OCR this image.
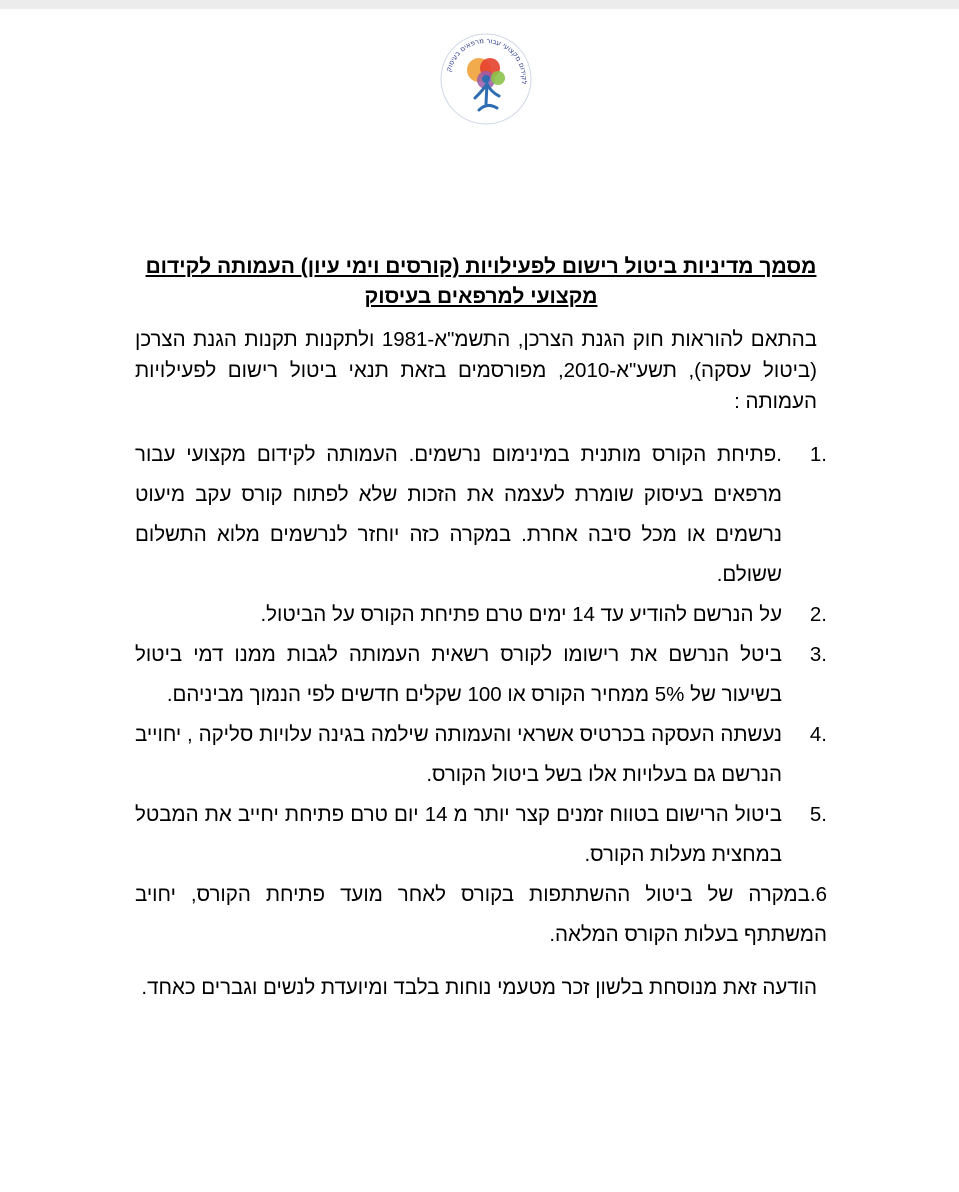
לקידום מקצועי עבור מרפאים בעיסוק
מסמך מדיניות ביטול רישום לפעילויות (קורסים וימי עיון) העמותה לקידום
מקצועי למרפאים בעיסוק

בהתאם להוראות חוק הגנת הצרכן, התשמ"א-1981 ולתקנות תקנות הגנת הצרכן (ביטול עסקה), תשע"א-2010, מפורסמים בזאת תנאי ביטול רישום לפעילויות העמותה :

1.
.פתיחת הקורס מותנית במינימום נרשמים. העמותה לקידום מקצועי עבור מרפאים בעיסוק שומרת לעצמה את הזכות שלא לפתוח קורס עקב מיעוט נרשמים או מכל סיבה אחרת. במקרה כזה יוחזר לנרשמים מלוא התשלום ששולם.
2.
על הנרשם להודיע עד 14 ימים טרם פתיחת הקורס על הביטול.
3.
ביטל הנרשם את רישומו לקורס רשאית העמותה לגבות ממנו דמי ביטול בשיעור של 5% ממחיר הקורס או 100 שקלים חדשים לפי הנמוך מביניהם.
4.
נעשתה העסקה בכרטיס אשראי והעמותה שילמה בגינה עלויות סליקה , יחוייב הנרשם גם בעלויות אלו בשל ביטול הקורס.
5.
ביטול הרישום בטווח זמנים קצר יותר מ 14 יום טרם פתיחת יחייב את המבטל במחצית מעלות הקורס.
6.במקרה של ביטול ההשתתפות בקורס לאחר מועד פתיחת הקורס, יחויב המשתתף בעלות הקורס המלאה.

הודעה זאת מנוסחת בלשון זכר מטעמי נוחות בלבד ומיועדת לנשים וגברים כאחד.
